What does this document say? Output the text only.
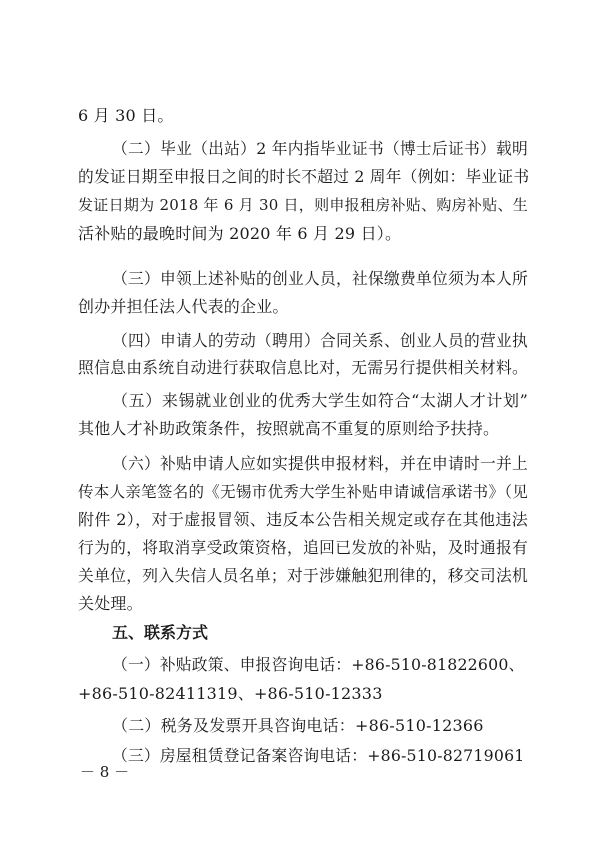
6 月 30 日。
（二）毕业（出站）2 年内指毕业证书（博士后证书）载明
的发证日期至申报日之间的时长不超过 2 周年（例如：毕业证书
发证日期为 2018 年 6 月 30 日，则申报租房补贴、购房补贴、生
活补贴的最晚时间为 2020 年 6 月 29 日）。
（三）申领上述补贴的创业人员，社保缴费单位须为本人所
创办并担任法人代表的企业。
（四）申请人的劳动（聘用）合同关系、创业人员的营业执
照信息由系统自动进行获取信息比对，无需另行提供相关材料。
（五）来锡就业创业的优秀大学生如符合“太湖人才计划”
其他人才补助政策条件，按照就高不重复的原则给予扶持。
（六）补贴申请人应如实提供申报材料，并在申请时一并上
传本人亲笔签名的《无锡市优秀大学生补贴申请诚信承诺书》（见
附件 2），对于虚报冒领、违反本公告相关规定或存在其他违法
行为的，将取消享受政策资格，追回已发放的补贴，及时通报有
关单位，列入失信人员名单；对于涉嫌触犯刑律的，移交司法机
关处理。
五、联系方式
（一）补贴政策、申报咨询电话：+86-510-81822600、
+86-510-82411319、+86-510-12333
（二）税务及发票开具咨询电话：+86-510-12366
（三）房屋租赁登记备案咨询电话：+86-510-82719061
－ 8 －
